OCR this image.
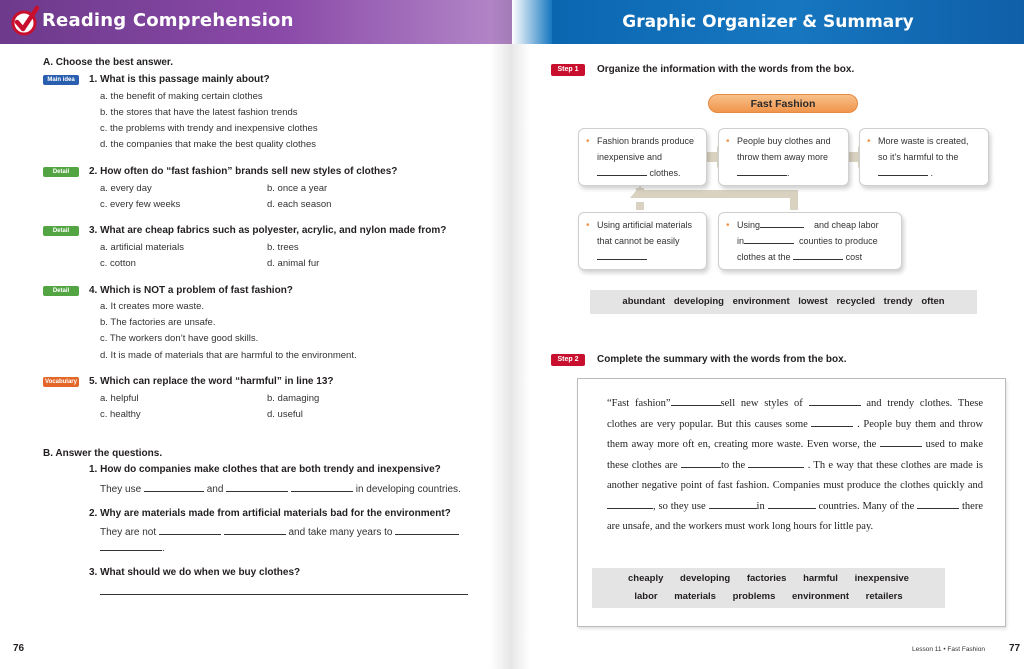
Reading Comprehension
A. Choose the best answer.
Main idea	1. What is this passage mainly about?
a. the benefit of making certain clothes
b. the stores that have the latest fashion trends
c. the problems with trendy and inexpensive clothes
d. the companies that make the best quality clothes
Detail	2. How often do “fast fashion” brands sell new styles of clothes?
a. every day	b. once a year
c. every few weeks	d. each season
Detail	3. What are cheap fabrics such as polyester, acrylic, and nylon made from?
a. artificial materials	b. trees
c. cotton	d. animal fur
Detail	4. Which is NOT a problem of fast fashion?
a. It creates more waste.
b. The factories are unsafe.
c. The workers don’t have good skills.
d. It is made of materials that are harmful to the environment.
Vocabulary 5. Which can replace the word “harmful” in line 13?
a. helpful	b. damaging
c. healthy	d. useful
B. Answer the questions.
1. How do companies make clothes that are both trendy and inexpensive?
They use	and	in developing countries.
2. Why are materials made from artificial materials bad for the environment?
They are not	and take many years to
.
3. What should we do when we buy clothes?
76
Graphic Organizer & Summary
Step 1	Organize the information with the words from the box.
Fast Fashion
• Fashion brands produce
inexpensive and
clothes.
• People buy clothes and
throw them away more
.
• More waste is created,
so it’s harmful to the
.
• Using artificial materials
that cannot be easily
• Using	and cheap labor
in	counties to produce
clothes at the	cost
abundant developing environment lowest recycled trendy often
Step 2	Complete the summary with the words from the box.
“Fast fashion”	sell new styles of	and trendy clothes. These clothes are very popular. But this causes some	. People buy them and throw them away more oft en, creating more waste. Even worse, the	used to make these clothes are	to the	. Th e way that these clothes are made is another negative point of fast fashion. Companies must produce the clothes quickly and, so they use	in	countries. Many of the	there are unsafe, and the workers must work long hours for little pay.
cheaply developing factories harmful inexpensive
labor materials problems environment retailers
Lesson 11 • Fast Fashion 77
